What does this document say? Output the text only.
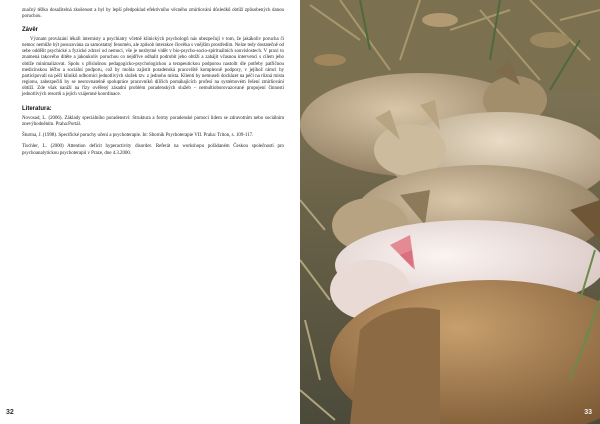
značný těžko dosažitelná zkušenost a byl by lepší předpoklad efektivního věcného zmírňování důsledků obtíží způsobených danou poruchou.

Závěr

Význam provázání lékaři internisty a psychiatry včetně klinických psychologů nás ubezpečují v tom, že jakákoliv porucha či nemoc nemůže být posuzována za samostatný fenomén, ale způsob interakce člověka s vnějším prostředím. Nelze tedy dostatečně od sebe oddělit psychické a fyzické zdraví od nemoci, vše je nezbytné vidět v bio-psycho-socio-spirituálních souvislostech. V praxi to znamená takového dítěte a jakoukoliv poruchou co nejdříve odhalit podrobit jeho obtíží a zahájit včasnou intervenci s cílem jeho obtíže minimalizovat. Spolu s příslušnou pedagogicko-psychologickou a terapeutickou podporou nastolit dle potřeby patřičnou medicínskou léčbu a sociální podporu, což by mohla zajistit poradenská pracoviště komplexně podpory, v jejíhož rámci by participovali na péči kliniků odborníci jednotlivých složek tzv. z jednoho místa. Klienti by nemuseli docházet na péči na různá místa regionu, zabezpečili by se nesrovnatelně spolupráce pracovníků dílčích pomáhajících profesí na systémovém řešení zmírňování obtíží. Zde však naráží na řízy ověřený zásadní problém poradenských služeb – nemultioborovazované propojení činností jednotlivých resortů a jejich vzájemné koordinace.

Literatura:

Novosad, L. (2006). Základy speciálního poradenství: Struktura a formy poradenské pomoci lidem se zdravotním nebo sociálním znevýhodněním. Praha:Portál.

Šturma, J. (1998). Specifické poruchy učení a psychoterapie. In: Sborník Psychoterapie VII. Praha: Triton, s. 109-117.

Tischler, L. (2000) Attention deficit hyperactivity disorder. Referát na workshopu pořádaném Českou společností pro psychoanalytickou psychoterapii v Praze, dne 4.3.2000.

32	33
